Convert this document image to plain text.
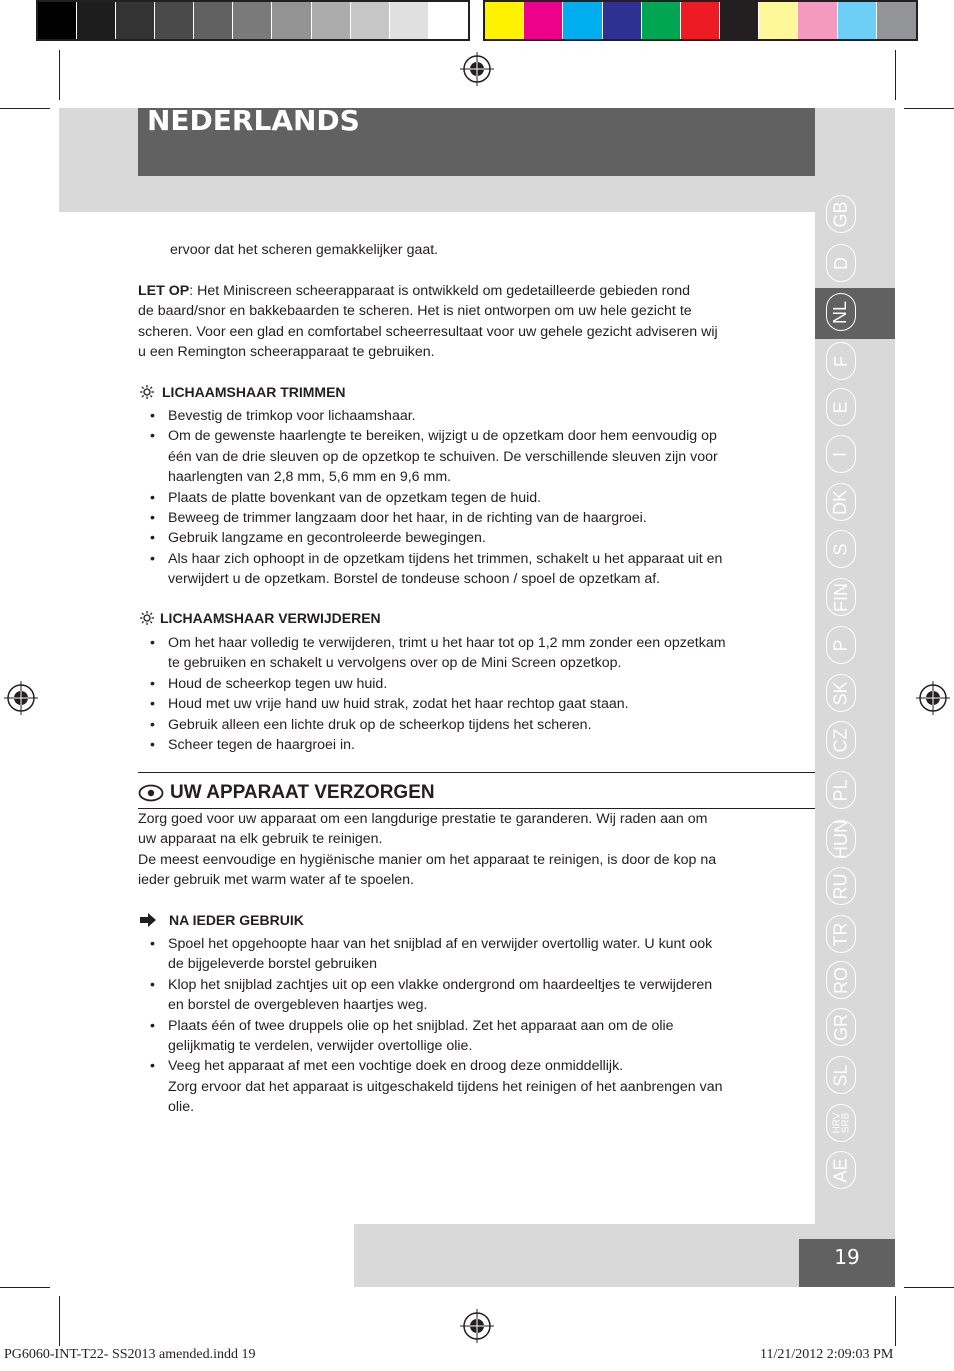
NEDERLANDS
GB
D
NL
F
E
I
DK
S
FIN
P
SK
CZ
PL
HUN
RU
TR
RO
GR
SL
HRV
SRB
AE
19
ervoor dat het scheren gemakkelijker gaat.
LET OP: Het Miniscreen scheerapparaat is ontwikkeld om gedetailleerde gebieden rond
de baard/snor en bakkebaarden te scheren. Het is niet ontworpen om uw hele gezicht te
scheren. Voor een glad en comfortabel scheerresultaat voor uw gehele gezicht adviseren wij
u een Remington scheerapparaat te gebruiken.
LICHAAMSHAAR TRIMMEN
• Bevestig de trimkop voor lichaamshaar.
• Om de gewenste haarlengte te bereiken, wijzigt u de opzetkam door hem eenvoudig op
één van de drie sleuven op de opzetkop te schuiven. De verschillende sleuven zijn voor
haarlengten van 2,8 mm, 5,6 mm en 9,6 mm.
• Plaats de platte bovenkant van de opzetkam tegen de huid.
• Beweeg de trimmer langzaam door het haar, in de richting van de haargroei.
• Gebruik langzame en gecontroleerde bewegingen.
• Als haar zich ophoopt in de opzetkam tijdens het trimmen, schakelt u het apparaat uit en
verwijdert u de opzetkam. Borstel de tondeuse schoon / spoel de opzetkam af.
LICHAAMSHAAR VERWIJDEREN
• Om het haar volledig te verwijderen, trimt u het haar tot op 1,2 mm zonder een opzetkam
te gebruiken en schakelt u vervolgens over op de Mini Screen opzetkop.
• Houd de scheerkop tegen uw huid.
• Houd met uw vrije hand uw huid strak, zodat het haar rechtop gaat staan.
• Gebruik alleen een lichte druk op de scheerkop tijdens het scheren.
• Scheer tegen de haargroei in.
UW APPARAAT VERZORGEN
Zorg goed voor uw apparaat om een langdurige prestatie te garanderen. Wij raden aan om
uw apparaat na elk gebruik te reinigen.
De meest eenvoudige en hygiënische manier om het apparaat te reinigen, is door de kop na
ieder gebruik met warm water af te spoelen.
NA IEDER GEBRUIK
• Spoel het opgehoopte haar van het snijblad af en verwijder overtollig water. U kunt ook
de bijgeleverde borstel gebruiken
• Klop het snijblad zachtjes uit op een vlakke ondergrond om haardeeltjes te verwijderen
en borstel de overgebleven haartjes weg.
• Plaats één of twee druppels olie op het snijblad. Zet het apparaat aan om de olie
gelijkmatig te verdelen, verwijder overtollige olie.
• Veeg het apparaat af met een vochtige doek en droog deze onmiddellijk.
Zorg ervoor dat het apparaat is uitgeschakeld tijdens het reinigen of het aanbrengen van
olie.
PG6060-INT-T22- SS2013 amended.indd 19	11/21/2012 2:09:03 PM
